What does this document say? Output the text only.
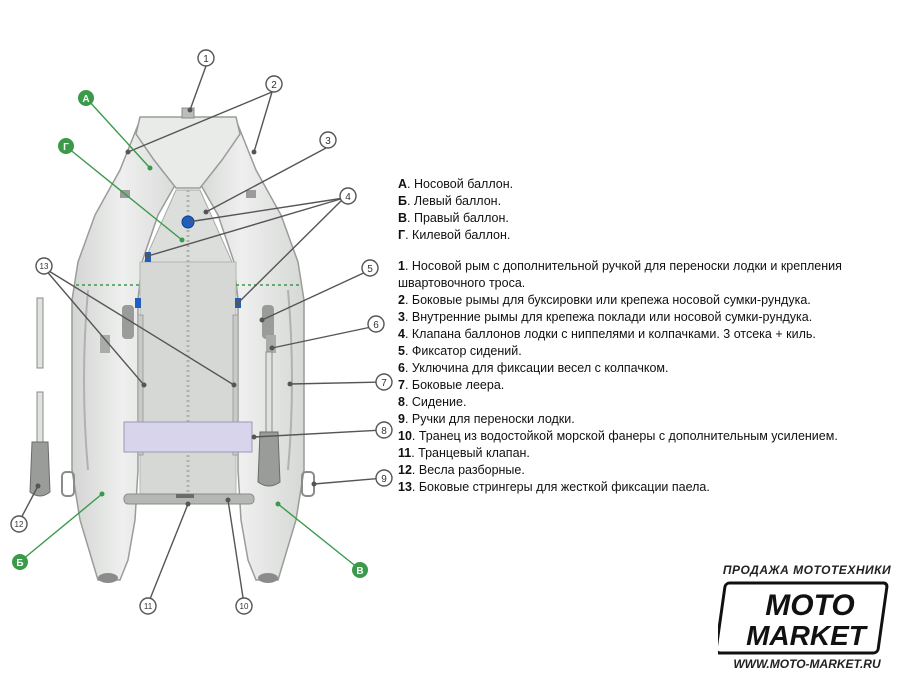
1
2
3
4
5
6
7
8
9
10
11
12
13
А
Г
Б
В
А. Носовой баллон.
Б. Левый баллон.
В. Правый баллон.
Г. Килевой баллон.
1. Носовой рым с дополнительной ручкой для переноски лодки и крепления швартовочного троса.
2. Боковые рымы для буксировки или крепежа носовой сумки-рундука.
3. Внутренние рымы для крепежа поклади или носовой сумки-рундука.
4. Клапана баллонов лодки с ниппелями и колпачками. 3 отсека + киль.
5. Фиксатор сидений.
6. Уключина для фиксации весел с колпачком.
7. Боковые леера.
8. Сидение.
9. Ручки для переноски лодки.
10. Транец из водостойкой морской фанеры с дополнительным усилением.
11. Транцевый клапан.
12. Весла разборные.
13. Боковые стрингеры для жесткой фиксации паела.
ПРОДАЖА МОТОТЕХНИКИ
MOTO
MARKET
WWW.MOTO-MARKET.RU
